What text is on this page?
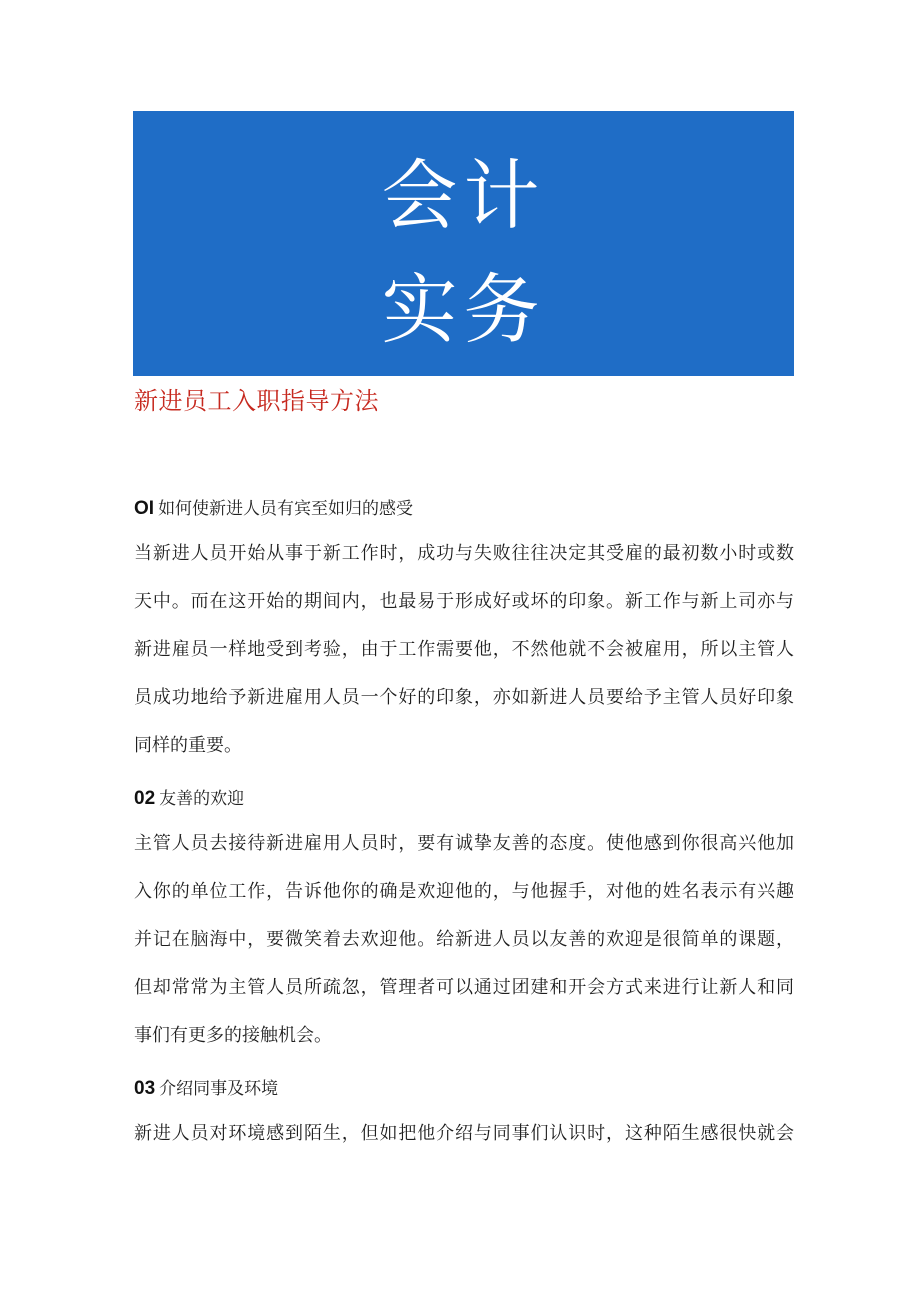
会计
实务
新进员工入职指导方法
OI 如何使新进人员有宾至如归的感受
当新进人员开始从事于新工作时，成功与失败往往决定其受雇的最初数小时或数
天中。而在这开始的期间内，也最易于形成好或坏的印象。新工作与新上司亦与
新进雇员一样地受到考验，由于工作需要他，不然他就不会被雇用，所以主管人
员成功地给予新进雇用人员一个好的印象，亦如新进人员要给予主管人员好印象
同样的重要。
02 友善的欢迎
主管人员去接待新进雇用人员时，要有诚挚友善的态度。使他感到你很高兴他加
入你的单位工作，告诉他你的确是欢迎他的，与他握手，对他的姓名表示有兴趣
并记在脑海中，要微笑着去欢迎他。给新进人员以友善的欢迎是很简单的课题，
但却常常为主管人员所疏忽，管理者可以通过团建和开会方式来进行让新人和同
事们有更多的接触机会。
03 介绍同事及环境
新进人员对环境感到陌生，但如把他介绍与同事们认识时，这种陌生感很快就会
